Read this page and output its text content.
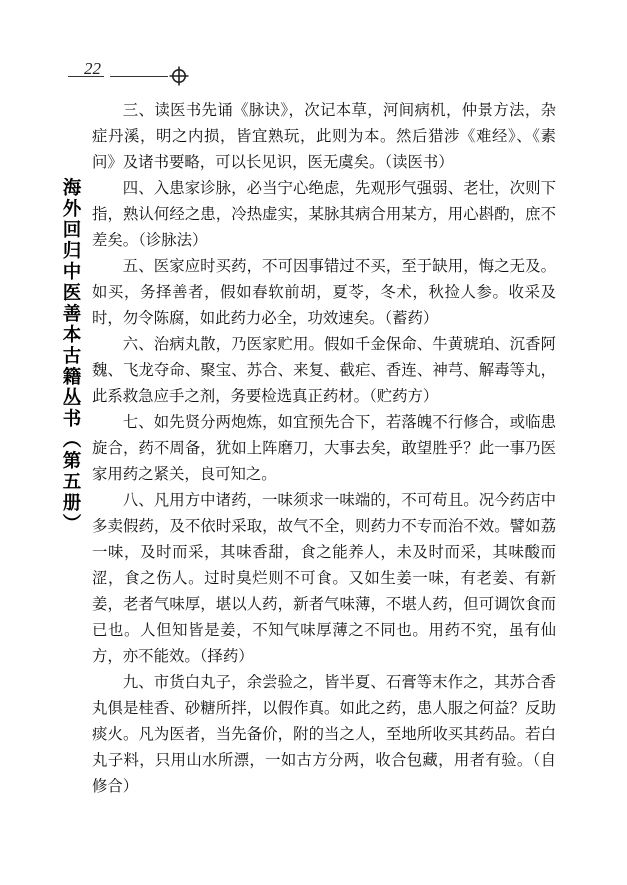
22
海
外
回
归
中
医
善
本
古
籍
丛
书
︵
第
五
册
︶

三、读医书先诵《脉诀》，次记本草，河间病机，仲景方法，杂症丹溪，明之内损，皆宜熟玩，此则为本。然后猎涉《难经》、《素问》及诸书要略，可以长见识，医无虞矣。（读医书）

四、入患家诊脉，必当宁心绝虑，先观形气强弱、老壮，次则下指，熟认何经之患，冷热虚实，某脉其病合用某方，用心斟酌，庶不差矣。（诊脉法）

五、医家应时买药，不可因事错过不买，至于缺用，悔之无及。如买，务择善者，假如春软前胡，夏苓，冬术，秋捡人参。收采及时，勿令陈腐，如此药力必全，功效速矣。（蓄药）

六、治病丸散，乃医家贮用。假如千金保命、牛黄琥珀、沉香阿魏、飞龙夺命、聚宝、苏合、来复、截疟、香连、神芎、解毒等丸，此系救急应手之剂，务要检选真正药材。（贮药方）

七、如先贤分两炮炼，如宜预先合下，若落魄不行修合，或临患旋合，药不周备，犹如上阵磨刀，大事去矣，敢望胜乎？此一事乃医家用药之紧关，良可知之。

八、凡用方中诸药，一味须求一味端的，不可苟且。况今药店中多卖假药，及不依时采取，故气不全，则药力不专而治不效。譬如荔一味，及时而采，其味香甜，食之能养人，未及时而采，其味酸而涩，食之伤人。过时臭烂则不可食。又如生姜一味，有老姜、有新姜，老者气味厚，堪以人药，新者气味薄，不堪人药，但可调饮食而已也。人但知皆是姜，不知气味厚薄之不同也。用药不究，虽有仙方，亦不能效。（择药）

九、市货白丸子，余尝验之，皆半夏、石膏等末作之，其苏合香丸俱是桂香、砂糖所拌，以假作真。如此之药，患人服之何益？反助痰火。凡为医者，当先备价，附的当之人，至地所收买其药品。若白丸子料，只用山水所漂，一如古方分两，收合包藏，用者有验。（自修合）
